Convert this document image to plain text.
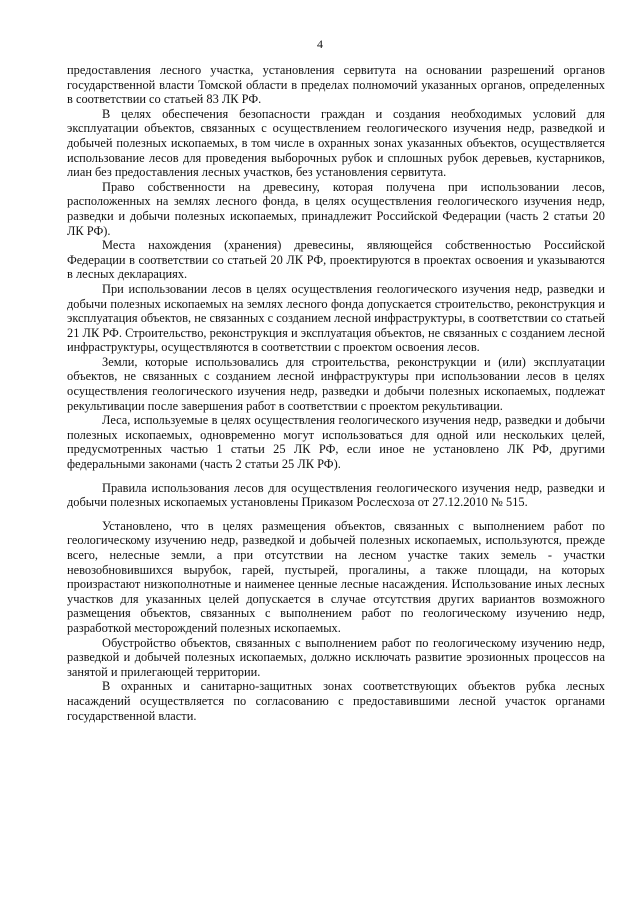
4

предоставления лесного участка, установления сервитута на основании разрешений органов государственной власти Томской области в пределах полномочий указанных органов, определенных в соответствии со статьей 83 ЛК РФ.

В целях обеспечения безопасности граждан и создания необходимых условий для эксплуатации объектов, связанных с осуществлением геологического изучения недр, разведкой и добычей полезных ископаемых, в том числе в охранных зонах указанных объектов, осуществляется использование лесов для проведения выборочных рубок и сплошных рубок деревьев, кустарников, лиан без предоставления лесных участков, без установления сервитута.

Право собственности на древесину, которая получена при использовании лесов, расположенных на землях лесного фонда, в целях осуществления геологического изучения недр, разведки и добычи полезных ископаемых, принадлежит Российской Федерации (часть 2 статьи 20 ЛК РФ).

Места нахождения (хранения) древесины, являющейся собственностью Российской Федерации в соответствии со статьей 20 ЛК РФ, проектируются в проектах освоения и указываются в лесных декларациях.

При использовании лесов в целях осуществления геологического изучения недр, разведки и добычи полезных ископаемых на землях лесного фонда допускается строительство, реконструкция и эксплуатация объектов, не связанных с созданием лесной инфраструктуры, в соответствии со статьей 21 ЛК РФ. Строительство, реконструкция и эксплуатация объектов, не связанных с созданием лесной инфраструктуры, осуществляются в соответствии с проектом освоения лесов.

Земли, которые использовались для строительства, реконструкции и (или) эксплуатации объектов, не связанных с созданием лесной инфраструктуры при использовании лесов в целях осуществления геологического изучения недр, разведки и добычи полезных ископаемых, подлежат рекультивации после завершения работ в соответствии с проектом рекультивации.

Леса, используемые в целях осуществления геологического изучения недр, разведки и добычи полезных ископаемых, одновременно могут использоваться для одной или нескольких целей, предусмотренных частью 1 статьи 25 ЛК РФ, если иное не установлено ЛК РФ, другими федеральными законами (часть 2 статьи 25 ЛК РФ).

Правила использования лесов для осуществления геологического изучения недр, разведки и добычи полезных ископаемых установлены Приказом Рослесхоза от 27.12.2010 № 515.

Установлено, что в целях размещения объектов, связанных с выполнением работ по геологическому изучению недр, разведкой и добычей полезных ископаемых, используются, прежде всего, нелесные земли, а при отсутствии на лесном участке таких земель - участки невозобновившихся вырубок, гарей, пустырей, прогалины, а также площади, на которых произрастают низкополнотные и наименее ценные лесные насаждения. Использование иных лесных участков для указанных целей допускается в случае отсутствия других вариантов возможного размещения объектов, связанных с выполнением работ по геологическому изучению недр, разработкой месторождений полезных ископаемых.

Обустройство объектов, связанных с выполнением работ по геологическому изучению недр, разведкой и добычей полезных ископаемых, должно исключать развитие эрозионных процессов на занятой и прилегающей территории.

В охранных и санитарно-защитных зонах соответствующих объектов рубка лесных насаждений осуществляется по согласованию с предоставившими лесной участок органами государственной власти.
